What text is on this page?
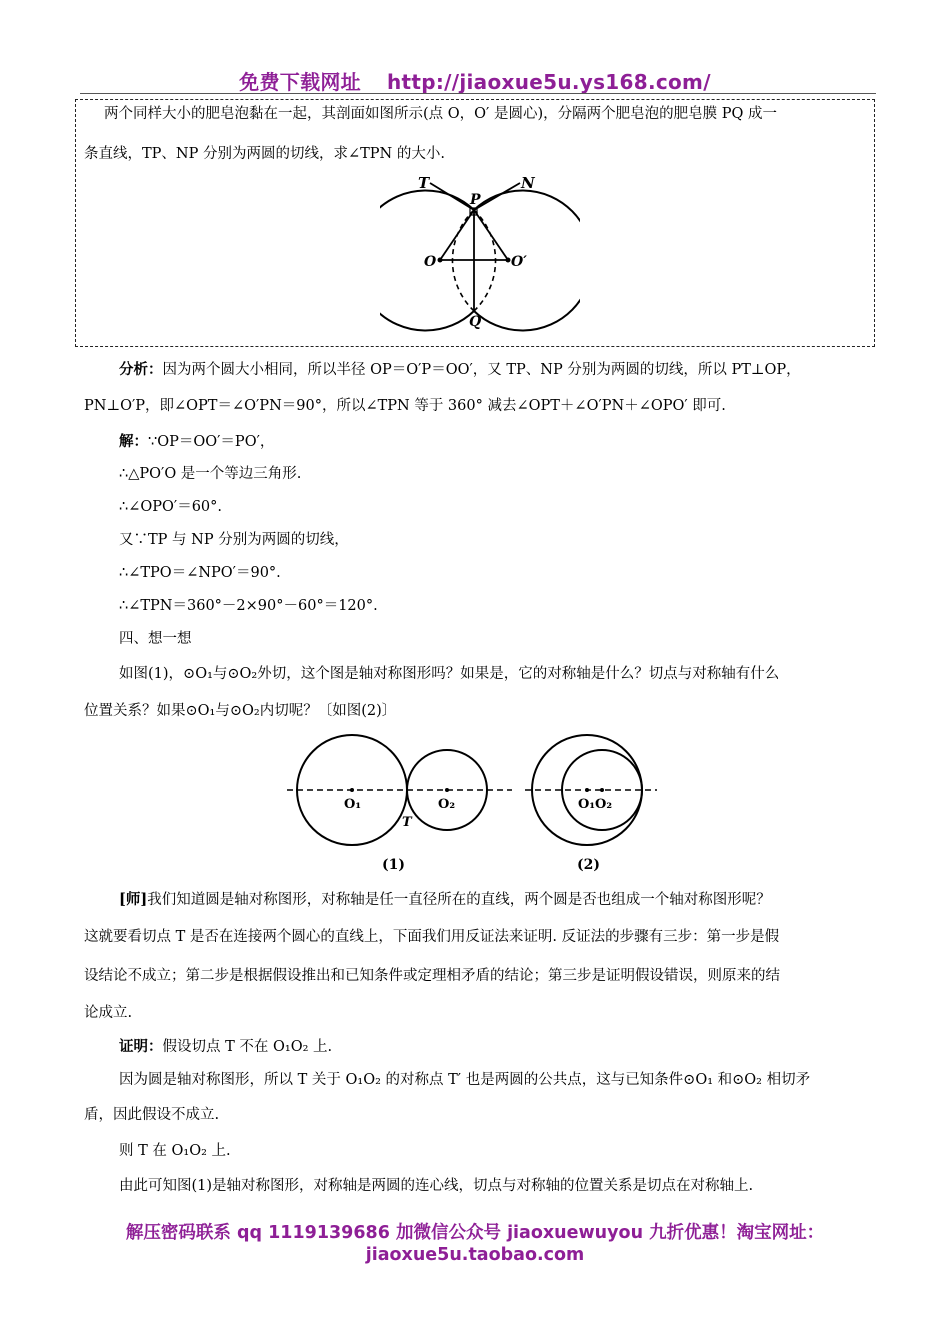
免费下载网址 http://jiaoxue5u.ys168.com/
两个同样大小的肥皂泡黏在一起，其剖面如图所示(点 O，O′ 是圆心)，分隔两个肥皂泡的肥皂膜 PQ 成一
条直线，TP、NP 分别为两圆的切线，求∠TPN 的大小.
T	N
P
O	O′
Q
分析：因为两个圆大小相同，所以半径 OP＝O′P＝OO′，又 TP、NP 分别为两圆的切线，所以 PT⊥OP，
PN⊥O′P，即∠OPT＝∠O′PN＝90°，所以∠TPN 等于 360° 减去∠OPT＋∠O′PN＋∠OPO′ 即可.
解：∵OP＝OO′＝PO′，
∴△PO′O 是一个等边三角形.
∴∠OPO′＝60°.
又∵TP 与 NP 分别为两圆的切线，
∴∠TPO＝∠NPO′＝90°.
∴∠TPN＝360°－2×90°－60°＝120°.
四、想一想
如图(1)，⊙O₁与⊙O₂外切，这个图是轴对称图形吗？如果是，它的对称轴是什么？切点与对称轴有什么
位置关系？如果⊙O₁与⊙O₂内切呢？〔如图(2)〕
O₁	O₂
T
(1)
O₁O₂
(2)
[师]我们知道圆是轴对称图形，对称轴是任一直径所在的直线，两个圆是否也组成一个轴对称图形呢？
这就要看切点 T 是否在连接两个圆心的直线上，下面我们用反证法来证明. 反证法的步骤有三步：第一步是假
设结论不成立；第二步是根据假设推出和已知条件或定理相矛盾的结论；第三步是证明假设错误，则原来的结
论成立.
证明：假设切点 T 不在 O₁O₂ 上.
因为圆是轴对称图形，所以 T 关于 O₁O₂ 的对称点 T′ 也是两圆的公共点，这与已知条件⊙O₁ 和⊙O₂ 相切矛
盾，因此假设不成立.
则 T 在 O₁O₂ 上.
由此可知图(1)是轴对称图形，对称轴是两圆的连心线，切点与对称轴的位置关系是切点在对称轴上.
解压密码联系 qq 1119139686 加微信公众号 jiaoxuewuyou 九折优惠！淘宝网址：
jiaoxue5u.taobao.com
